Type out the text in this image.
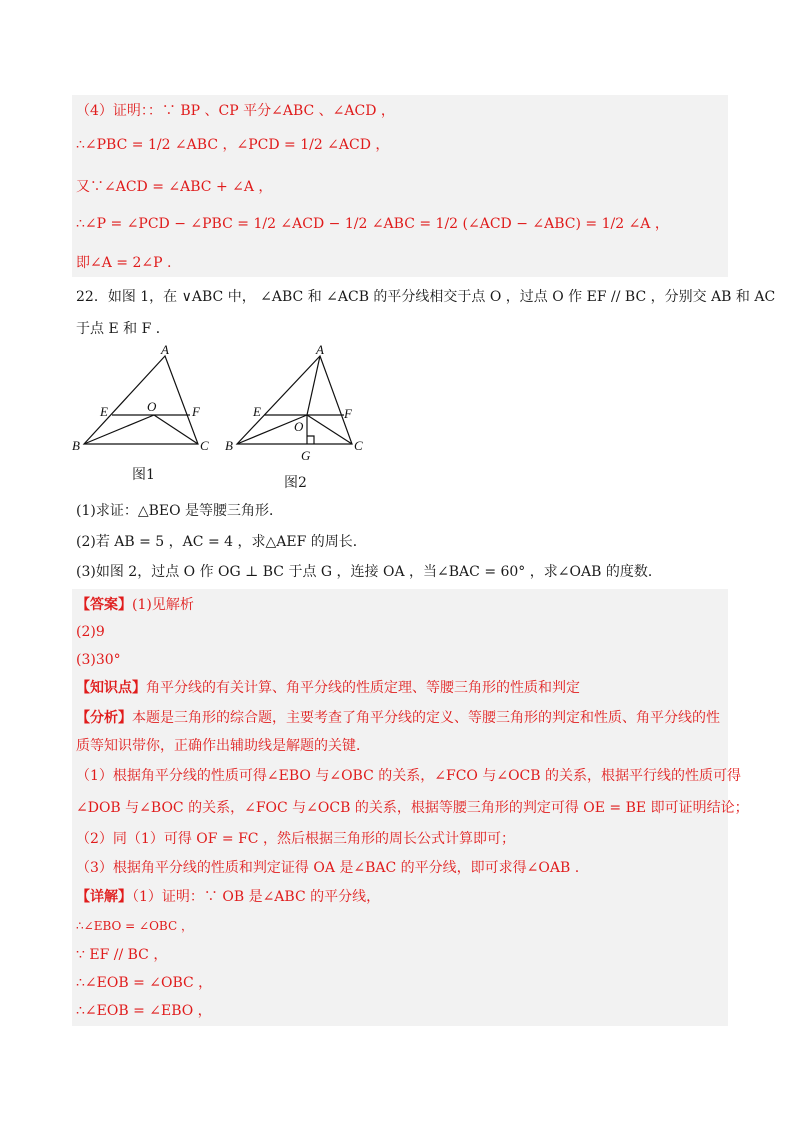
（4）证明：：∵ BP 、CP 平分∠ABC 、∠ACD ，
∴∠PBC = 1/2 ∠ABC ，∠PCD = 1/2 ∠ACD ，
又∵∠ACD = ∠ABC + ∠A ，
∴∠P = ∠PCD − ∠PBC = 1/2 ∠ACD − 1/2 ∠ABC = 1/2 (∠ACD − ∠ABC) = 1/2 ∠A ，
即∠A = 2∠P .
22．如图 1，在 ∨ABC 中， ∠ABC 和 ∠ACB 的平分线相交于点 O ，过点 O 作 EF // BC ，分别交 AB 和 AC
于点 E 和 F ．
A
B	C
E	F
O
A
B	C
E	F
O
G
图1	图2
(1)求证：△BEO 是等腰三角形．
(2)若 AB = 5 ，AC = 4 ，求△AEF 的周长．
(3)如图 2，过点 O 作 OG ⊥ BC 于点 G ，连接 OA ，当∠BAC = 60° ，求∠OAB 的度数．
【答案】(1)见解析
(2)9
(3)30°
【知识点】角平分线的有关计算、角平分线的性质定理、等腰三角形的性质和判定
【分析】本题是三角形的综合题，主要考查了角平分线的定义、等腰三角形的判定和性质、角平分线的性
质等知识带你，正确作出辅助线是解题的关键．
（1）根据角平分线的性质可得∠EBO 与∠OBC 的关系，∠FCO 与∠OCB 的关系，根据平行线的性质可得
∠DOB 与∠BOC 的关系，∠FOC 与∠OCB 的关系，根据等腰三角形的判定可得 OE = BE 即可证明结论；
（2）同（1）可得 OF = FC ，然后根据三角形的周长公式计算即可；
（3）根据角平分线的性质和判定证得 OA 是∠BAC 的平分线，即可求得∠OAB .
【详解】（1）证明：∵ OB 是∠ABC 的平分线，
∴∠EBO = ∠OBC ，
∵ EF // BC ，
∴∠EOB = ∠OBC ，
∴∠EOB = ∠EBO ，
